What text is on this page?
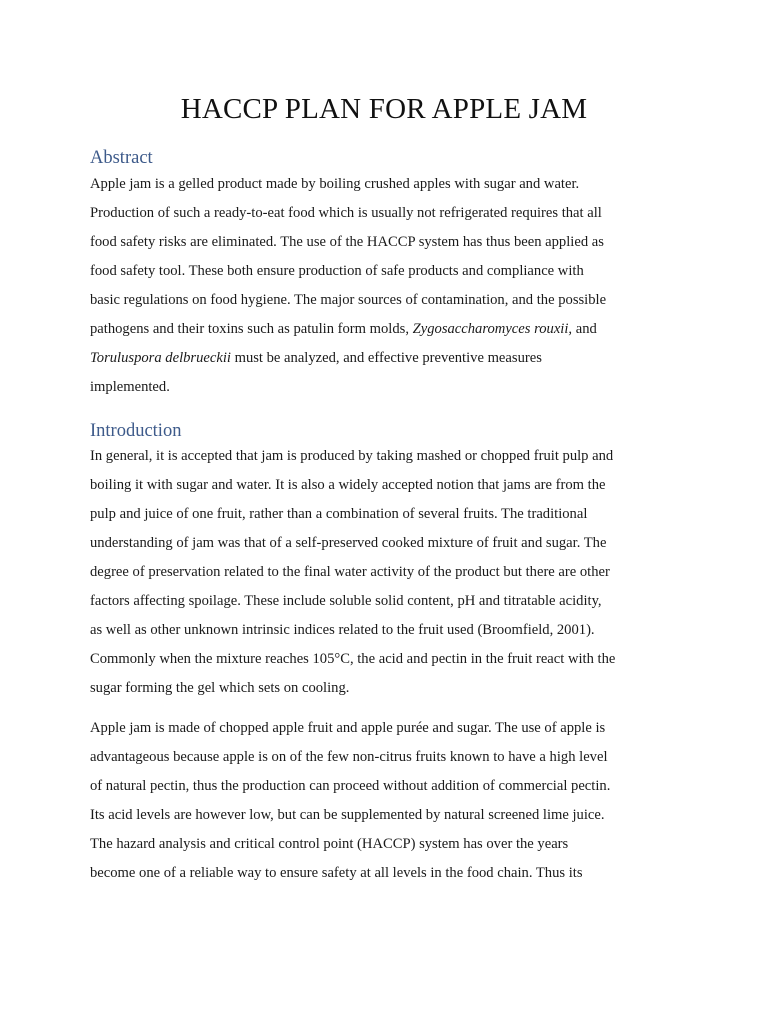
HACCP PLAN FOR APPLE JAM
Abstract

Apple jam is a gelled product made by boiling crushed apples with sugar and water.
Production of such a ready-to-eat food which is usually not refrigerated requires that all
food safety risks are eliminated. The use of the HACCP system has thus been applied as
food safety tool. These both ensure production of safe products and compliance with
basic regulations on food hygiene. The major sources of contamination, and the possible
pathogens and their toxins such as patulin form molds, Zygosaccharomyces rouxii, and
Toruluspora delbrueckii must be analyzed, and effective preventive measures
implemented.

Introduction

In general, it is accepted that jam is produced by taking mashed or chopped fruit pulp and
boiling it with sugar and water. It is also a widely accepted notion that jams are from the
pulp and juice of one fruit, rather than a combination of several fruits. The traditional
understanding of jam was that of a self-preserved cooked mixture of fruit and sugar. The
degree of preservation related to the final water activity of the product but there are other
factors affecting spoilage. These include soluble solid content, pH and titratable acidity,
as well as other unknown intrinsic indices related to the fruit used (Broomfield, 2001).
Commonly when the mixture reaches 105°C, the acid and pectin in the fruit react with the
sugar forming the gel which sets on cooling.

Apple jam is made of chopped apple fruit and apple purée and sugar. The use of apple is
advantageous because apple is on of the few non-citrus fruits known to have a high level
of natural pectin, thus the production can proceed without addition of commercial pectin.
Its acid levels are however low, but can be supplemented by natural screened lime juice.
The hazard analysis and critical control point (HACCP) system has over the years
become one of a reliable way to ensure safety at all levels in the food chain. Thus its
